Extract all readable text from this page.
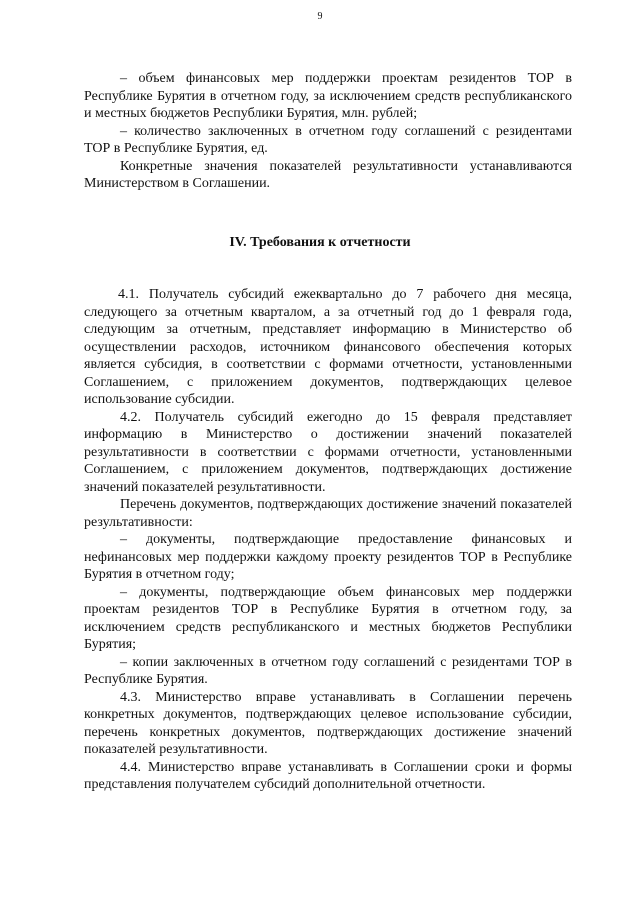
9

– объем финансовых мер поддержки проектам резидентов ТОР в Республике Бурятия в отчетном году, за исключением средств республиканского и местных бюджетов Республики Бурятия, млн. рублей;

– количество заключенных в отчетном году соглашений с резидентами ТОР в Республике Бурятия, ед.

Конкретные значения показателей результативности устанавливаются Министерством в Соглашении.

IV. Требования к отчетности

4.1. Получатель субсидий ежеквартально до 7 рабочего дня месяца, следующего за отчетным кварталом, а за отчетный год до 1 февраля года, следующим за отчетным, представляет информацию в Министерство об осуществлении расходов, источником финансового обеспечения которых является субсидия, в соответствии с формами отчетности, установленными Соглашением, с приложением документов, подтверждающих целевое использование субсидии.

4.2. Получатель субсидий ежегодно до 15 февраля представляет информацию в Министерство о достижении значений показателей результативности в соответствии с формами отчетности, установленными Соглашением, с приложением документов, подтверждающих достижение значений показателей результативности.

Перечень документов, подтверждающих достижение значений показателей результативности:

– документы, подтверждающие предоставление финансовых и нефинансовых мер поддержки каждому проекту резидентов ТОР в Республике Бурятия в отчетном году;

– документы, подтверждающие объем финансовых мер поддержки проектам резидентов ТОР в Республике Бурятия в отчетном году, за исключением средств республиканского и местных бюджетов Республики Бурятия;

– копии заключенных в отчетном году соглашений с резидентами ТОР в Республике Бурятия.

4.3. Министерство вправе устанавливать в Соглашении перечень конкретных документов, подтверждающих целевое использование субсидии, перечень конкретных документов, подтверждающих достижение значений показателей результативности.

4.4. Министерство вправе устанавливать в Соглашении сроки и формы представления получателем субсидий дополнительной отчетности.
